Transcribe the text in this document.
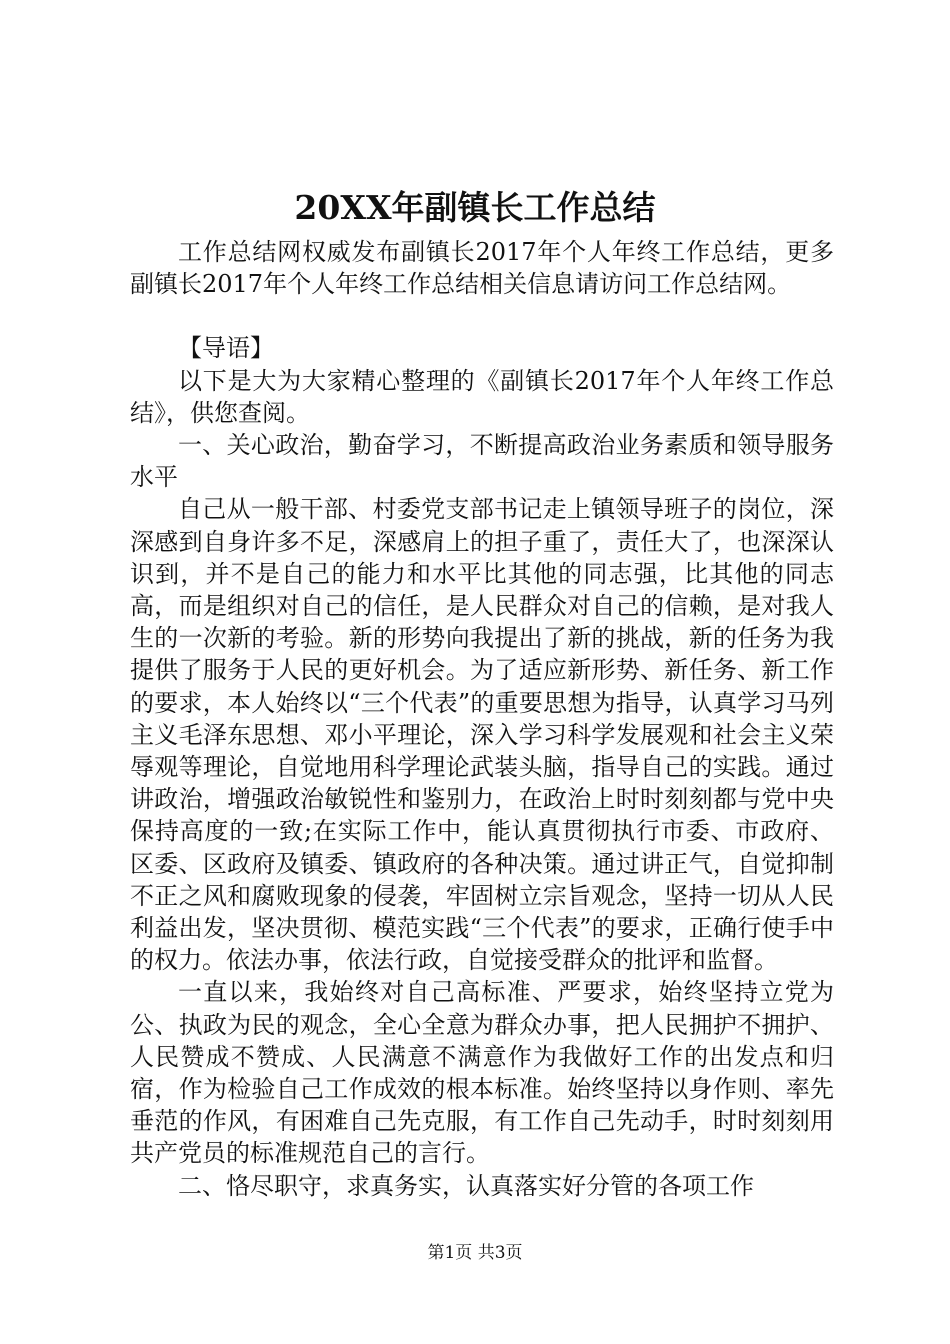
20XX年副镇长工作总结

工作总结网权威发布副镇长2017年个人年终工作总结，更多副镇长2017年个人年终工作总结相关信息请访问工作总结网。

【导语】

以下是大为大家精心整理的《副镇长2017年个人年终工作总结》，供您查阅。

一、关心政治，勤奋学习，不断提高政治业务素质和领导服务水平

自己从一般干部、村委党支部书记走上镇领导班子的岗位，深深感到自身许多不足，深感肩上的担子重了，责任大了，也深深认识到，并不是自己的能力和水平比其他的同志强，比其他的同志高，而是组织对自己的信任，是人民群众对自己的信赖，是对我人生的一次新的考验。新的形势向我提出了新的挑战，新的任务为我提供了服务于人民的更好机会。为了适应新形势、新任务、新工作的要求，本人始终以“三个代表”的重要思想为指导，认真学习马列主义毛泽东思想、邓小平理论，深入学习科学发展观和社会主义荣辱观等理论，自觉地用科学理论武装头脑，指导自己的实践。通过讲政治，增强政治敏锐性和鉴别力，在政治上时时刻刻都与党中央保持高度的一致;在实际工作中，能认真贯彻执行市委、市政府、区委、区政府及镇委、镇政府的各种决策。通过讲正气，自觉抑制不正之风和腐败现象的侵袭，牢固树立宗旨观念，坚持一切从人民利益出发，坚决贯彻、模范实践“三个代表”的要求，正确行使手中的权力。依法办事，依法行政，自觉接受群众的批评和监督。

一直以来，我始终对自己高标准、严要求，始终坚持立党为公、执政为民的观念，全心全意为群众办事，把人民拥护不拥护、人民赞成不赞成、人民满意不满意作为我做好工作的出发点和归宿，作为检验自己工作成效的根本标准。始终坚持以身作则、率先垂范的作风，有困难自己先克服，有工作自己先动手，时时刻刻用共产党员的标准规范自己的言行。

二、恪尽职守，求真务实，认真落实好分管的各项工作

第1页 共3页
